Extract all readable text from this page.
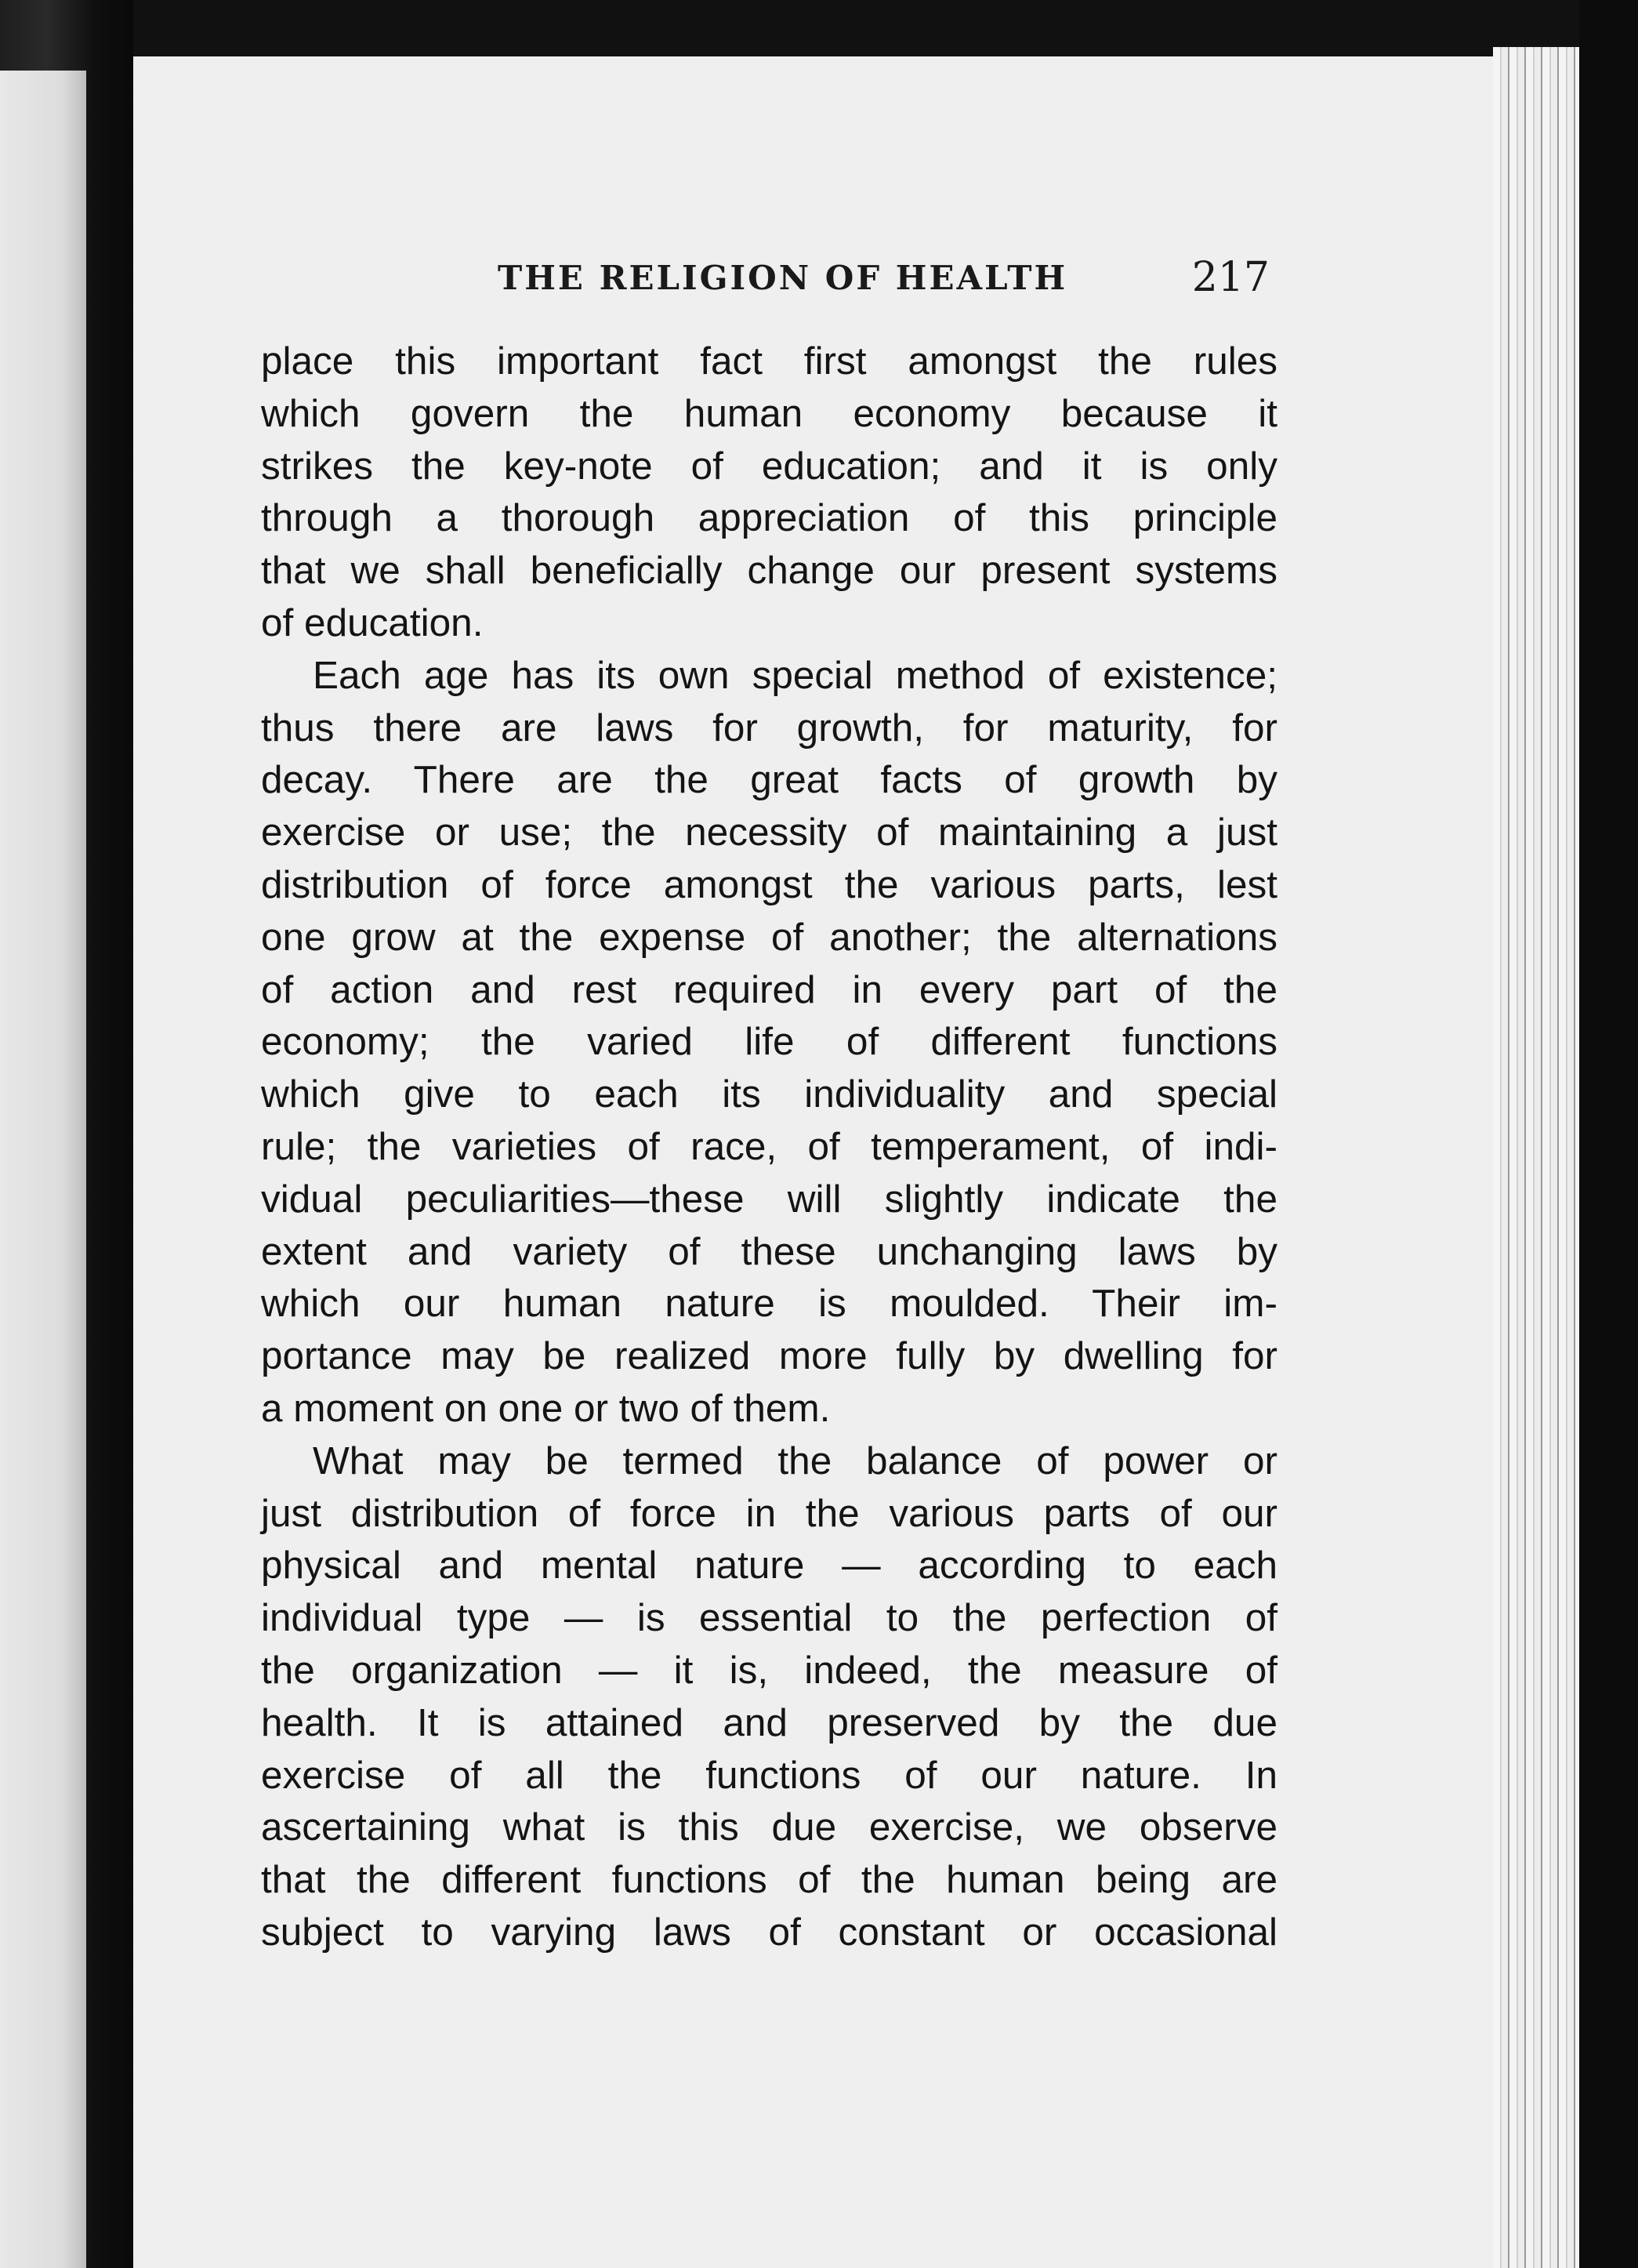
THE RELIGION OF HEALTH	217
place this important fact first amongst the rules
which govern the human economy because it
strikes the key-note of education; and it is only
through a thorough appreciation of this principle
that we shall beneficially change our present systems
of education.
Each age has its own special method of existence;
thus there are laws for growth, for maturity, for
decay. There are the great facts of growth by
exercise or use; the necessity of maintaining a just
distribution of force amongst the various parts, lest
one grow at the expense of another; the alternations
of action and rest required in every part of the
economy; the varied life of different functions
which give to each its individuality and special
rule; the varieties of race, of temperament, of indi-
vidual peculiarities—these will slightly indicate the
extent and variety of these unchanging laws by
which our human nature is moulded. Their im-
portance may be realized more fully by dwelling for
a moment on one or two of them.
What may be termed the balance of power or
just distribution of force in the various parts of our
physical and mental nature — according to each
individual type — is essential to the perfection of
the organization — it is, indeed, the measure of
health. It is attained and preserved by the due
exercise of all the functions of our nature. In
ascertaining what is this due exercise, we observe
that the different functions of the human being are
subject to varying laws of constant or occasional
